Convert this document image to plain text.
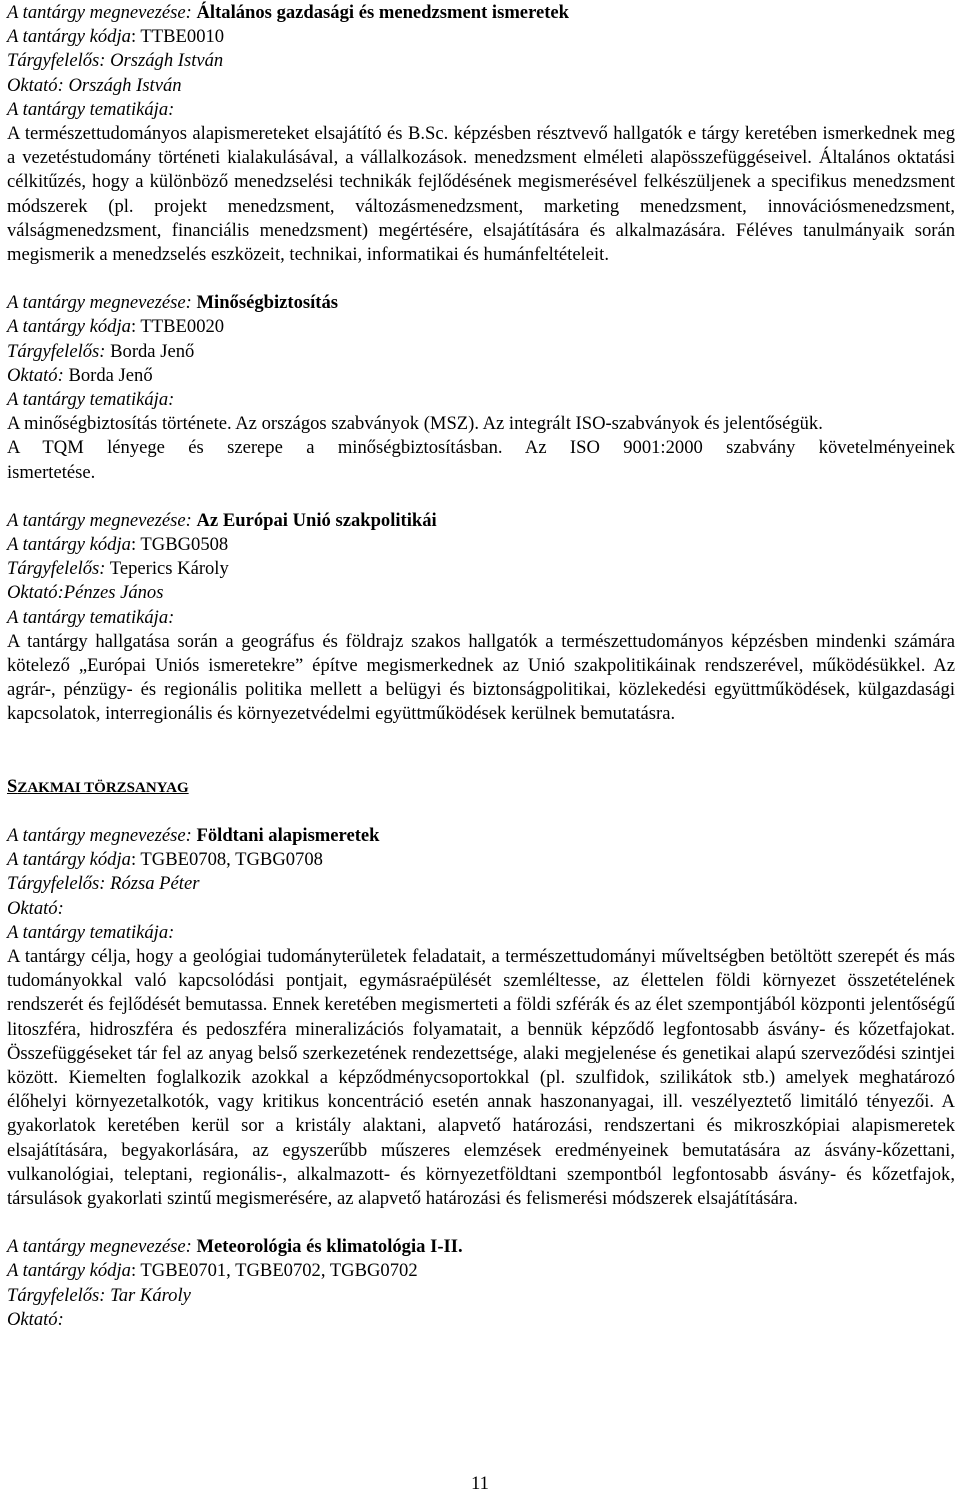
A tantárgy megnevezése: Általános gazdasági és menedzsment ismeretek
A tantárgy kódja: TTBE0010
Tárgyfelelős: Országh István
Oktató: Országh István
A tantárgy tematikája:
A természettudományos alapismereteket elsajátító és B.Sc. képzésben résztvevő hallgatók e tárgy keretében ismerkednek meg a vezetéstudomány történeti kialakulásával, a vállalkozások. menedzsment elméleti alapösszefüggéseivel. Általános oktatási célkitűzés, hogy a különböző menedzselési technikák fejlődésének megismerésével felkészüljenek a specifikus menedzsment módszerek (pl. projekt menedzsment, változásmenedzsment, marketing menedzsment, innovációsmenedzsment, válságmenedzsment, financiális menedzsment) megértésére, elsajátítására és alkalmazására. Féléves tanulmányaik során megismerik a menedzselés eszközeit, technikai, informatikai és humánfeltételeit.
A tantárgy megnevezése: Minőségbiztosítás
A tantárgy kódja: TTBE0020
Tárgyfelelős: Borda Jenő
Oktató: Borda Jenő
A tantárgy tematikája:
A minőségbiztosítás története. Az országos szabványok (MSZ). Az integrált ISO-szabványok és jelentőségük.
A TQM lényege és szerepe a minőségbiztosításban. Az ISO 9001:2000 szabvány követelményeinek
ismertetése.
A tantárgy megnevezése: Az Európai Unió szakpolitikái
A tantárgy kódja: TGBG0508
Tárgyfelelős: Teperics Károly
Oktató:Pénzes János
A tantárgy tematikája:
A tantárgy hallgatása során a geográfus és földrajz szakos hallgatók a természettudományos képzésben mindenki számára kötelező „Európai Uniós ismeretekre” építve megismerkednek az Unió szakpolitikáinak rendszerével, működésükkel. Az agrár-, pénzügy- és regionális politika mellett a belügyi és biztonságpolitikai, közlekedési együttműködések, külgazdasági kapcsolatok, interregionális és környezetvédelmi együttműködések kerülnek bemutatásra.
SZAKMAI TÖRZSANYAG
A tantárgy megnevezése: Földtani alapismeretek
A tantárgy kódja: TGBE0708, TGBG0708
Tárgyfelelős: Rózsa Péter
Oktató:
A tantárgy tematikája:
A tantárgy célja, hogy a geológiai tudományterületek feladatait, a természettudományi műveltségben betöltött szerepét és más tudományokkal való kapcsolódási pontjait, egymásraépülését szemléltesse, az élettelen földi környezet összetételének rendszerét és fejlődését bemutassa. Ennek keretében megismerteti a földi szférák és az élet szempontjából központi jelentőségű litoszféra, hidroszféra és pedoszféra mineralizációs folyamatait, a bennük képződő legfontosabb ásvány- és kőzetfajokat. Összefüggéseket tár fel az anyag belső szerkezetének rendezettsége, alaki megjelenése és genetikai alapú szerveződési szintjei között. Kiemelten foglalkozik azokkal a képződménycsoportokkal (pl. szulfidok, szilikátok stb.) amelyek meghatározó élőhelyi környezetalkotók, vagy kritikus koncentráció esetén annak haszonanyagai, ill. veszélyeztető limitáló tényezői. A gyakorlatok keretében kerül sor a kristály alaktani, alapvető határozási, rendszertani és mikroszkópiai alapismeretek elsajátítására, begyakorlására, az egyszerűbb műszeres elemzések eredményeinek bemutatására az ásvány-kőzettani, vulkanológiai, teleptani, regionális-, alkalmazott- és környezetföldtani szempontból legfontosabb ásvány- és kőzetfajok, társulások gyakorlati szintű megismerésére, az alapvető határozási és felismerési módszerek elsajátítására.
A tantárgy megnevezése: Meteorológia és klimatológia I-II.
A tantárgy kódja: TGBE0701, TGBE0702, TGBG0702
Tárgyfelelős: Tar Károly
Oktató:
11
